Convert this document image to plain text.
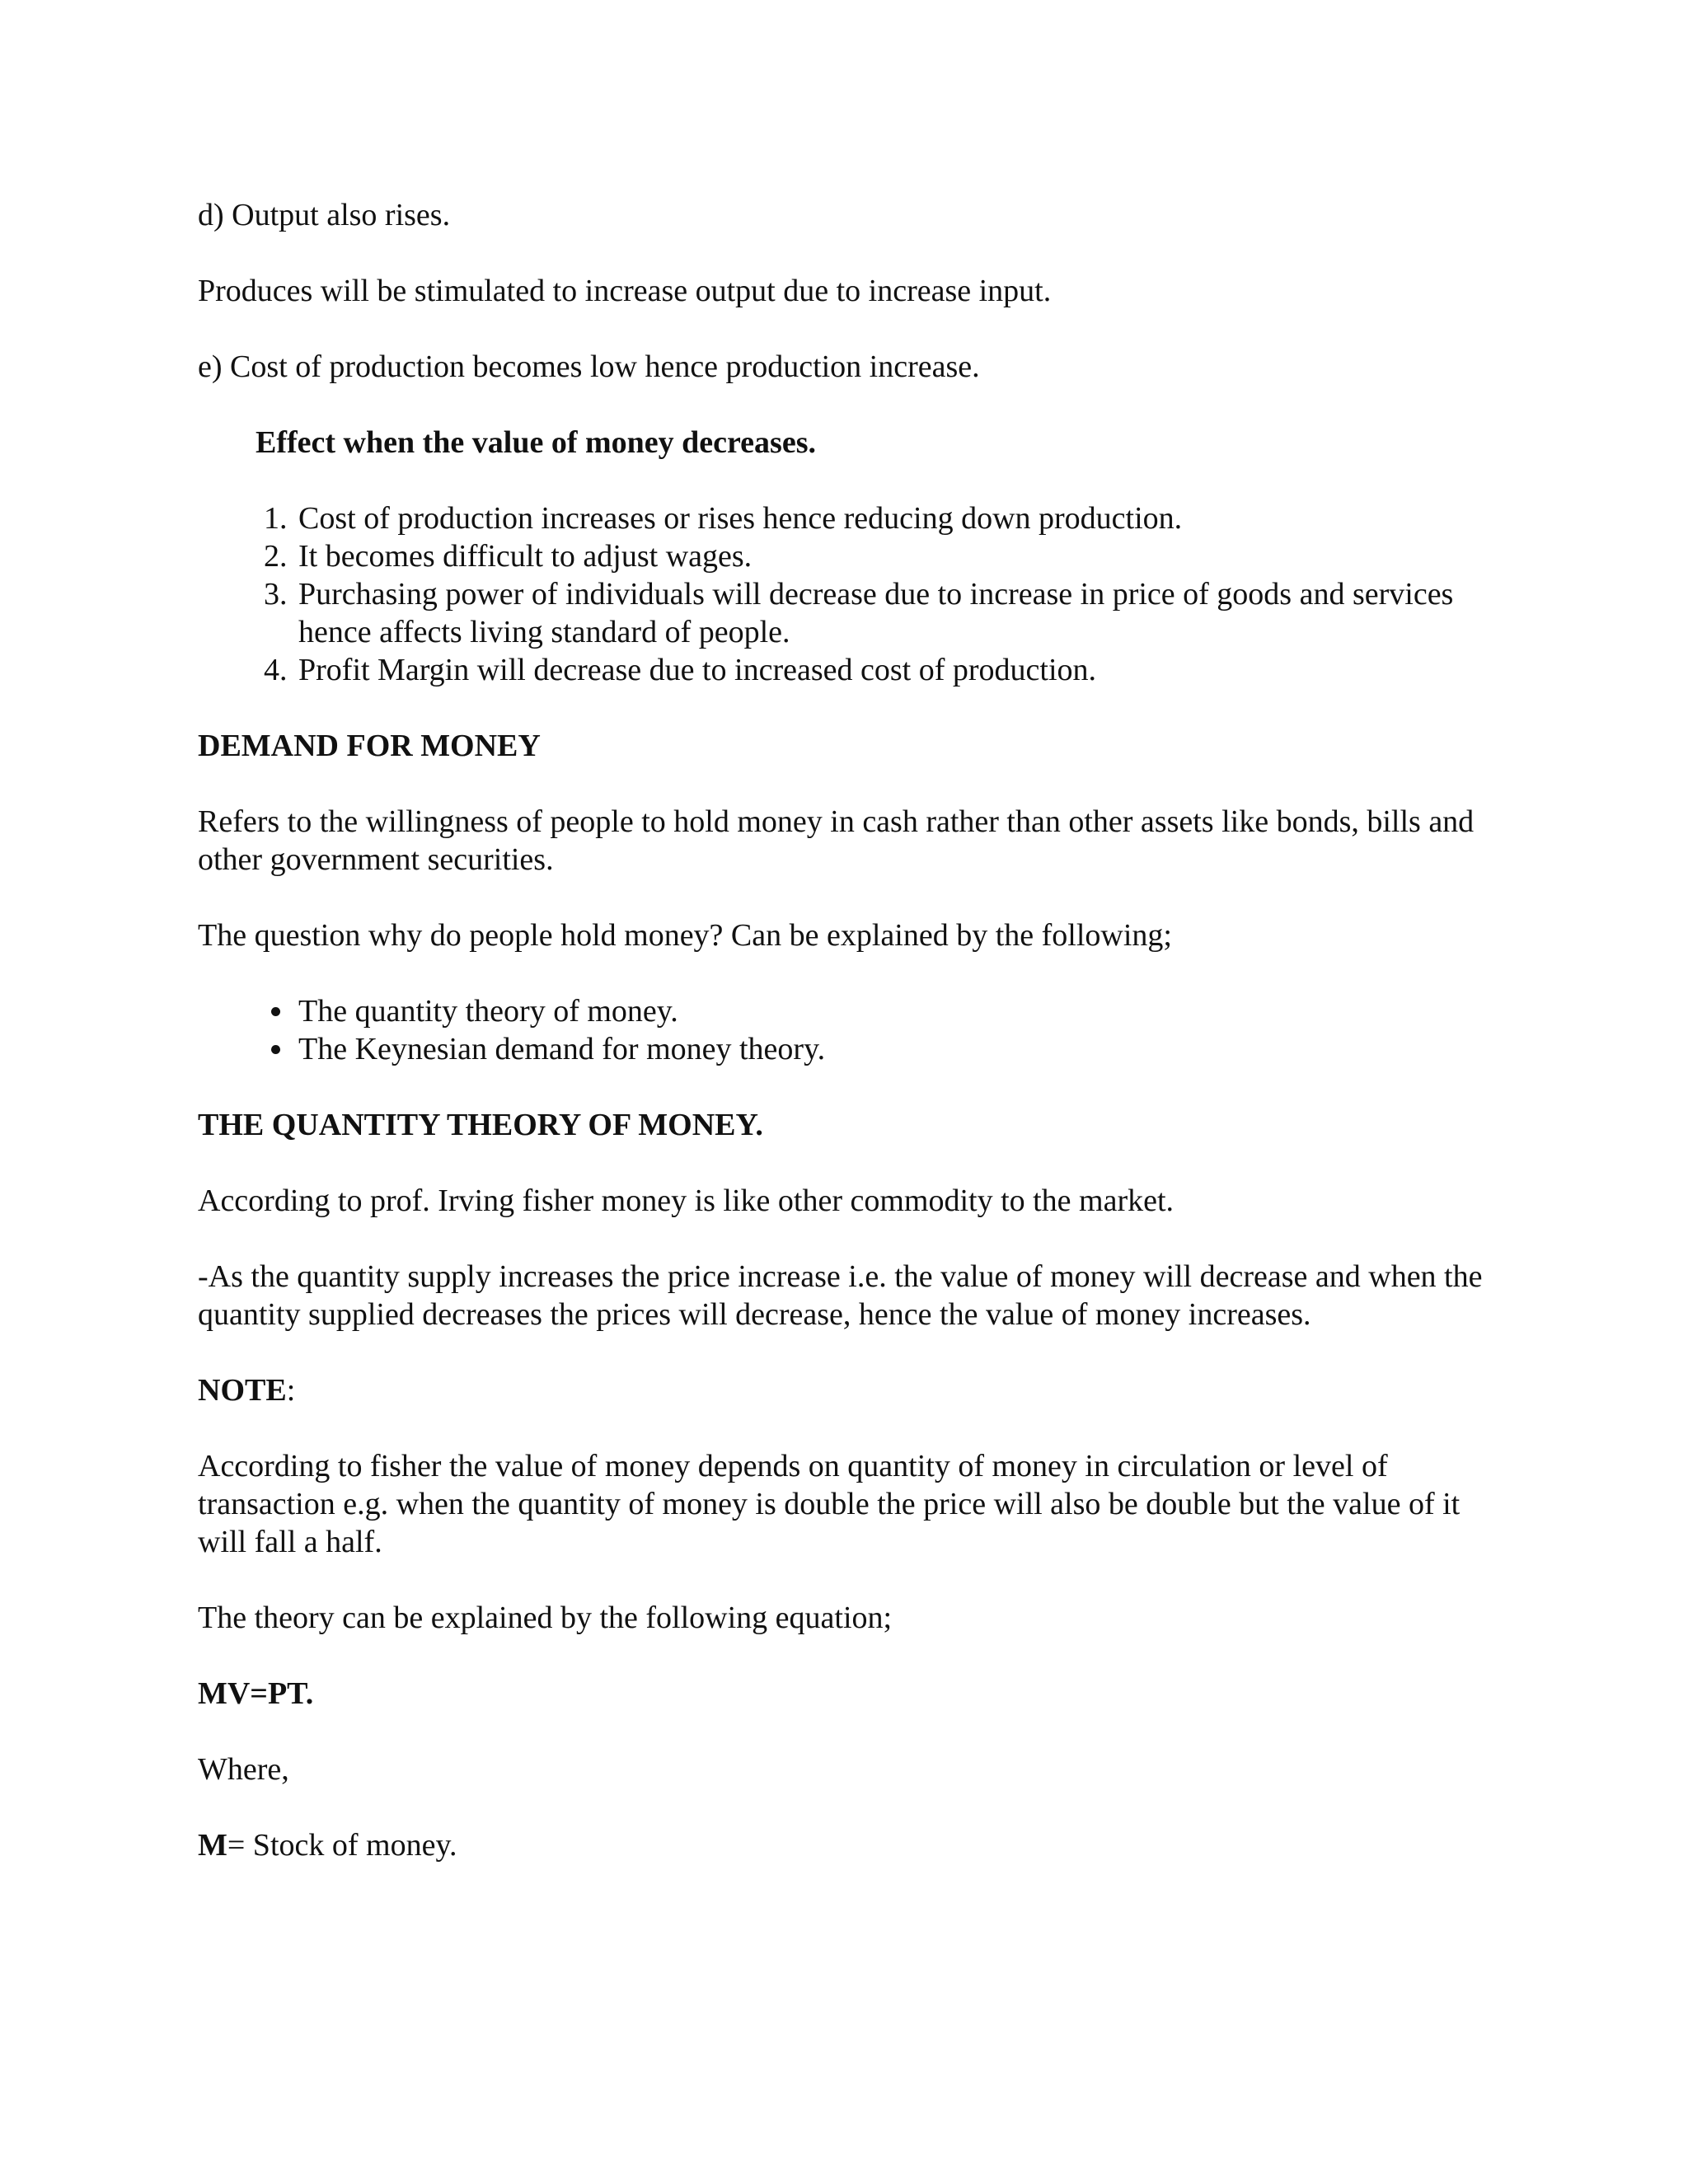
d) Output also rises.

Produces will be stimulated to increase output due to increase input.

e) Cost of production becomes low hence production increase.

Effect when the value of money decreases.

1. Cost of production increases or rises hence reducing down production.
2. It becomes difficult to adjust wages.
3. Purchasing power of individuals will decrease due to increase in price of goods and services hence affects living standard of people.
4. Profit Margin will decrease due to increased cost of production.

DEMAND FOR MONEY

Refers to the willingness of people to hold money in cash rather than other assets like bonds, bills and other government securities.

The question why do people hold money? Can be explained by the following;

• The quantity theory of money.
• The Keynesian demand for money theory.

THE QUANTITY THEORY OF MONEY.

According to prof. Irving fisher money is like other commodity to the market.

-As the quantity supply increases the price increase i.e. the value of money will decrease and when the quantity supplied decreases the prices will decrease, hence the value of money increases.

NOTE:

According to fisher the value of money depends on quantity of money in circulation or level of transaction e.g. when the quantity of money is double the price will also be double but the value of it will fall a half.

The theory can be explained by the following equation;

MV=PT.

Where,

M= Stock of money.
